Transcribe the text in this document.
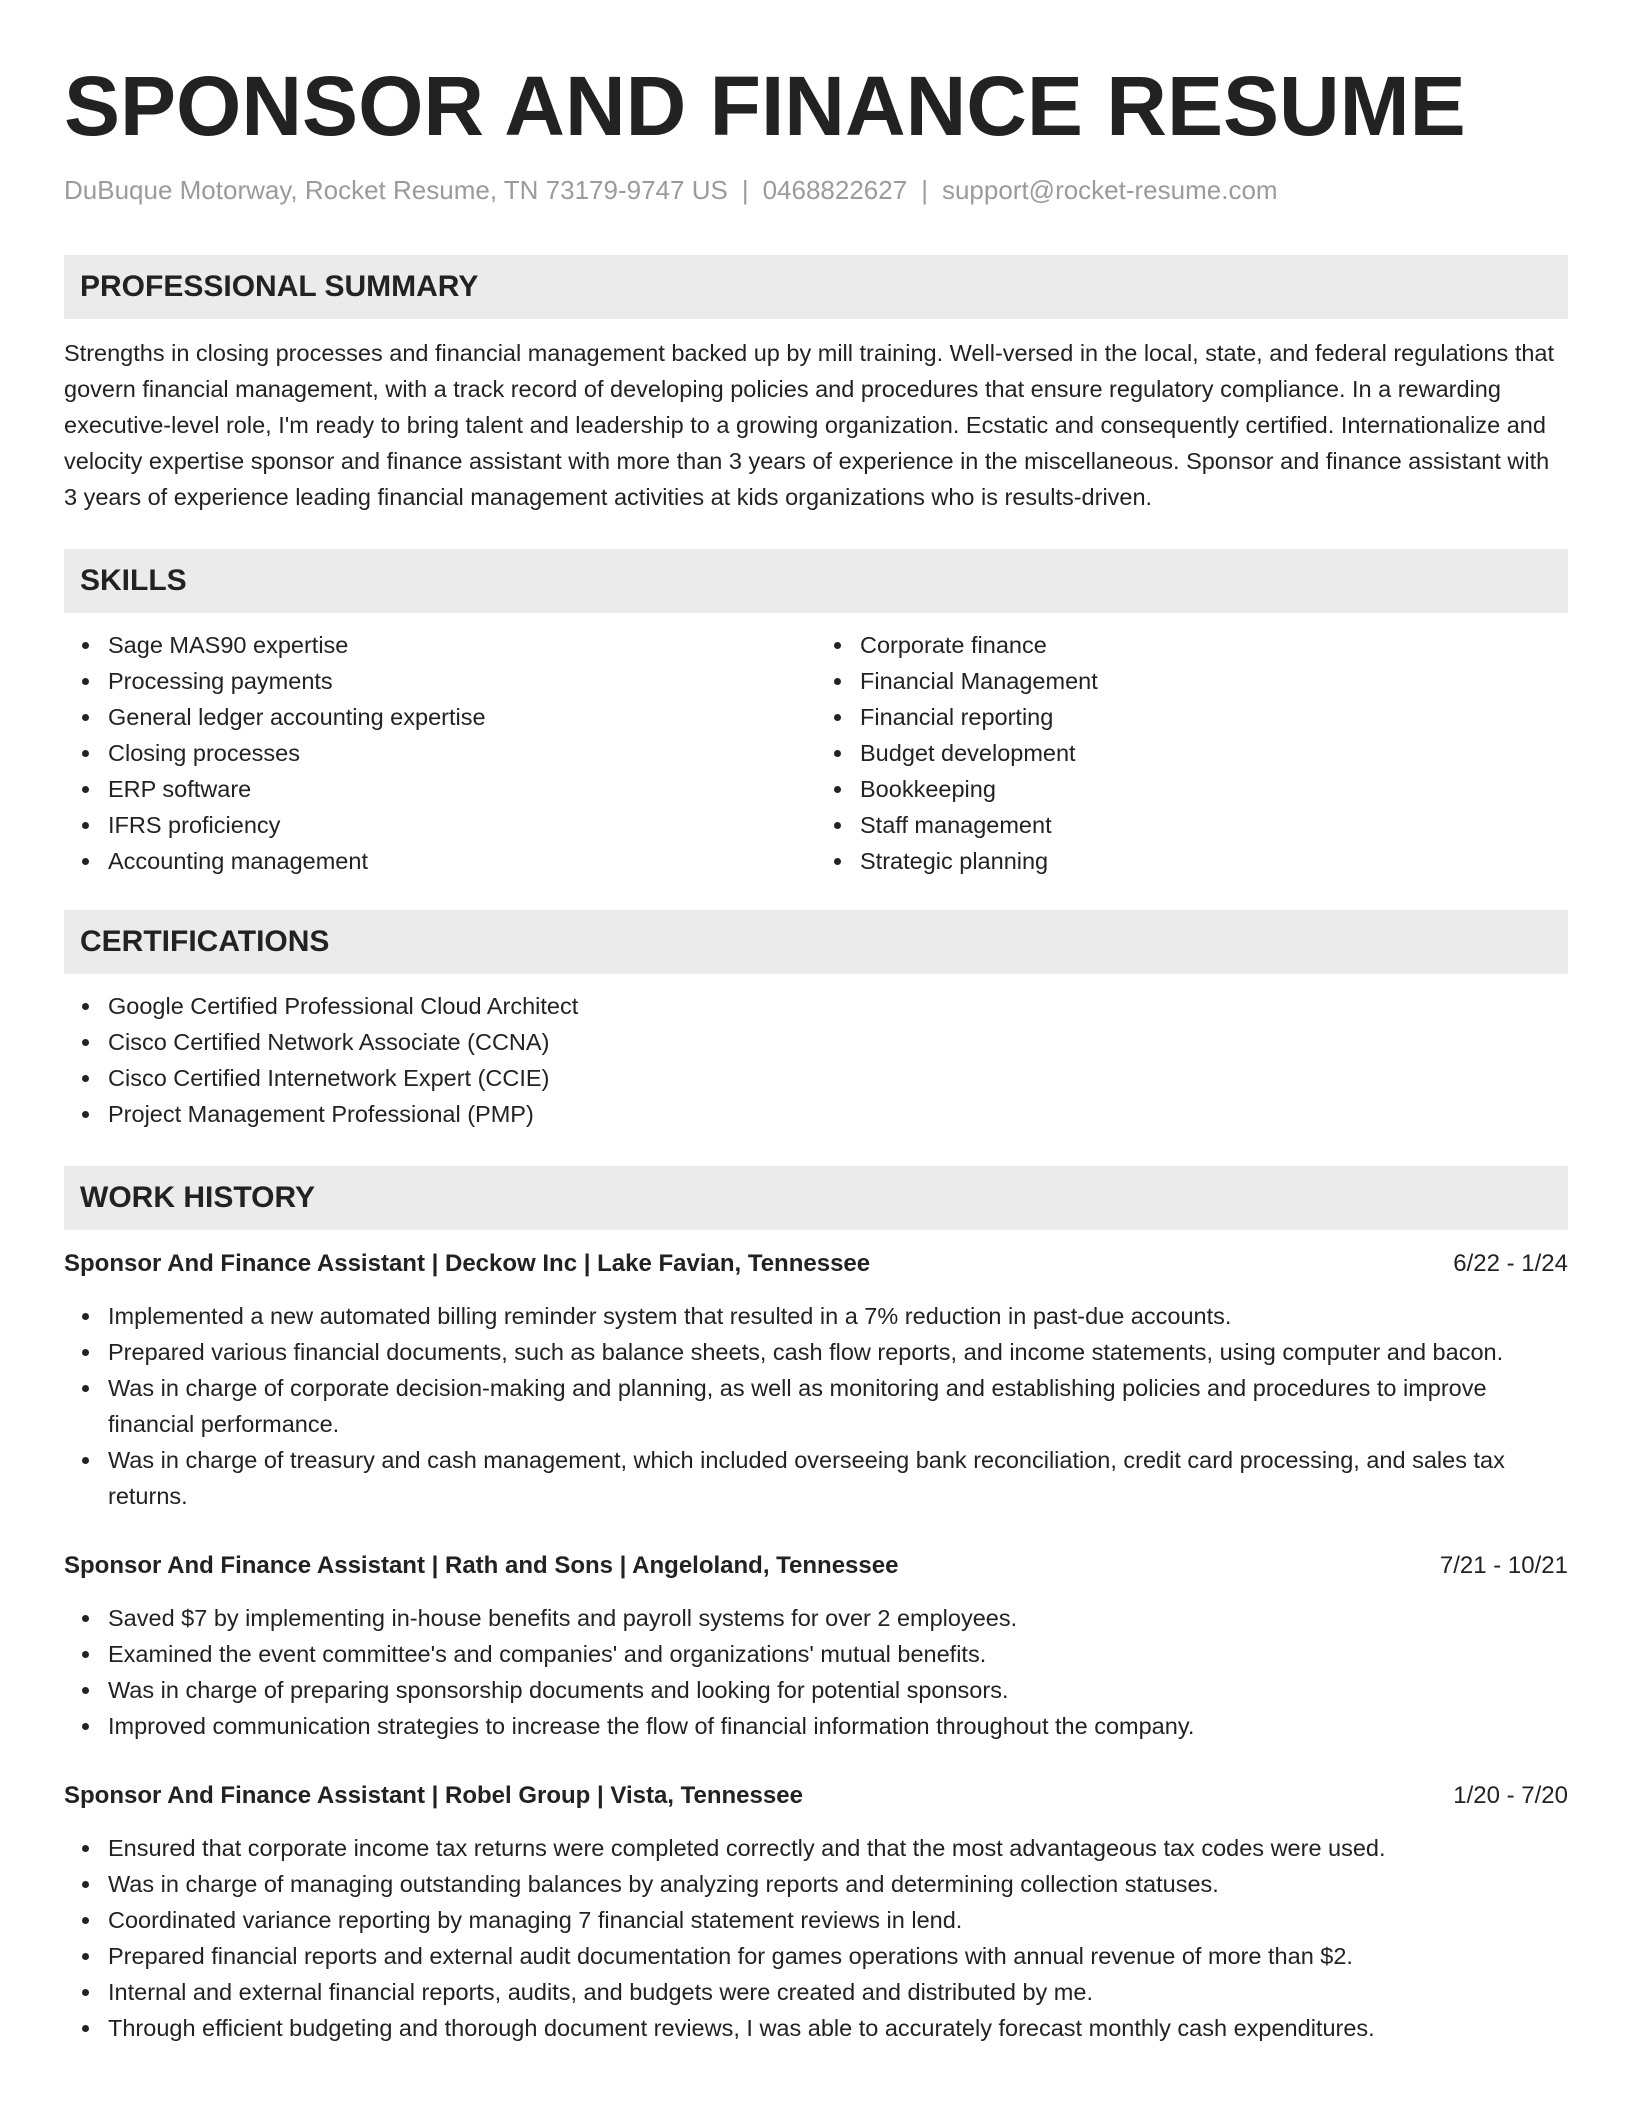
SPONSOR AND FINANCE RESUME
DuBuque Motorway, Rocket Resume, TN 73179-9747 US | 0468822627 | support@rocket-resume.com
PROFESSIONAL SUMMARY
Strengths in closing processes and financial management backed up by mill training. Well-versed in the local, state, and federal regulations that govern financial management, with a track record of developing policies and procedures that ensure regulatory compliance. In a rewarding executive-level role, I'm ready to bring talent and leadership to a growing organization. Ecstatic and consequently certified. Internationalize and velocity expertise sponsor and finance assistant with more than 3 years of experience in the miscellaneous. Sponsor and finance assistant with 3 years of experience leading financial management activities at kids organizations who is results-driven.
SKILLS
Sage MAS90 expertise
Processing payments
General ledger accounting expertise
Closing processes
ERP software
IFRS proficiency
Accounting management
Corporate finance
Financial Management
Financial reporting
Budget development
Bookkeeping
Staff management
Strategic planning
CERTIFICATIONS
Google Certified Professional Cloud Architect
Cisco Certified Network Associate (CCNA)
Cisco Certified Internetwork Expert (CCIE)
Project Management Professional (PMP)
WORK HISTORY
Sponsor And Finance Assistant | Deckow Inc | Lake Favian, Tennessee	6/22 - 1/24
Implemented a new automated billing reminder system that resulted in a 7% reduction in past-due accounts.
Prepared various financial documents, such as balance sheets, cash flow reports, and income statements, using computer and bacon.
Was in charge of corporate decision-making and planning, as well as monitoring and establishing policies and procedures to improve financial performance.
Was in charge of treasury and cash management, which included overseeing bank reconciliation, credit card processing, and sales tax returns.
Sponsor And Finance Assistant | Rath and Sons | Angeloland, Tennessee	7/21 - 10/21
Saved $7 by implementing in-house benefits and payroll systems for over 2 employees.
Examined the event committee's and companies' and organizations' mutual benefits.
Was in charge of preparing sponsorship documents and looking for potential sponsors.
Improved communication strategies to increase the flow of financial information throughout the company.
Sponsor And Finance Assistant | Robel Group | Vista, Tennessee	1/20 - 7/20
Ensured that corporate income tax returns were completed correctly and that the most advantageous tax codes were used.
Was in charge of managing outstanding balances by analyzing reports and determining collection statuses.
Coordinated variance reporting by managing 7 financial statement reviews in lend.
Prepared financial reports and external audit documentation for games operations with annual revenue of more than $2.
Internal and external financial reports, audits, and budgets were created and distributed by me.
Through efficient budgeting and thorough document reviews, I was able to accurately forecast monthly cash expenditures.
